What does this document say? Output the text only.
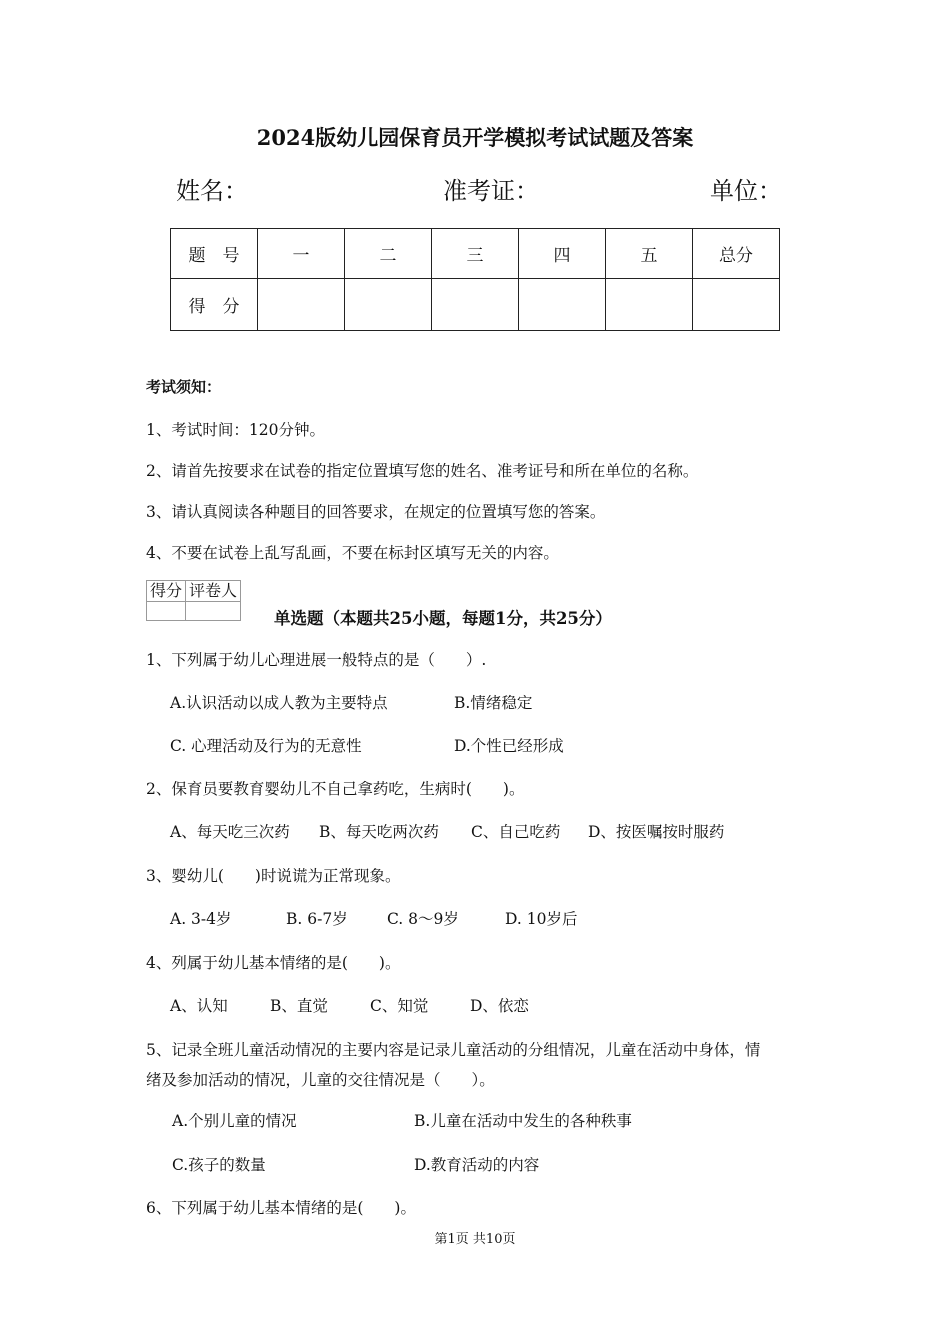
2024版幼儿园保育员开学模拟考试试题及答案
姓名：	准考证：	单位：
题　号	一	二	三	四	五	总分
得　分						
考试须知：
1、考试时间：120分钟。
2、请首先按要求在试卷的指定位置填写您的姓名、准考证号和所在单位的名称。
3、请认真阅读各种题目的回答要求，在规定的位置填写您的答案。
4、不要在试卷上乱写乱画，不要在标封区填写无关的内容。
得分	评卷人

单选题（本题共25小题，每题1分，共25分）
1、下列属于幼儿心理进展一般特点的是（　　）.
A.认识活动以成人教为主要特点	B.情绪稳定
C. 心理活动及行为的无意性	D.个性已经形成
2、保育员要教育婴幼儿不自己拿药吃，生病时(　　)。
A、每天吃三次药 B、每天吃两次药 C、自己吃药 D、按医嘱按时服药
3、婴幼儿(　　)时说谎为正常现象。
A. 3-4岁	B. 6-7岁	C. 8～9岁	D. 10岁后
4、列属于幼儿基本情绪的是(　　)。
A、认知	B、直觉	C、知觉	D、依恋
5、记录全班儿童活动情况的主要内容是记录儿童活动的分组情况，儿童在活动中身体，情
绪及参加活动的情况，儿童的交往情况是（　　）。
A.个别儿童的情况	B.儿童在活动中发生的各种秩事
C.孩子的数量	D.教育活动的内容
6、下列属于幼儿基本情绪的是(　　)。
第1页 共10页
